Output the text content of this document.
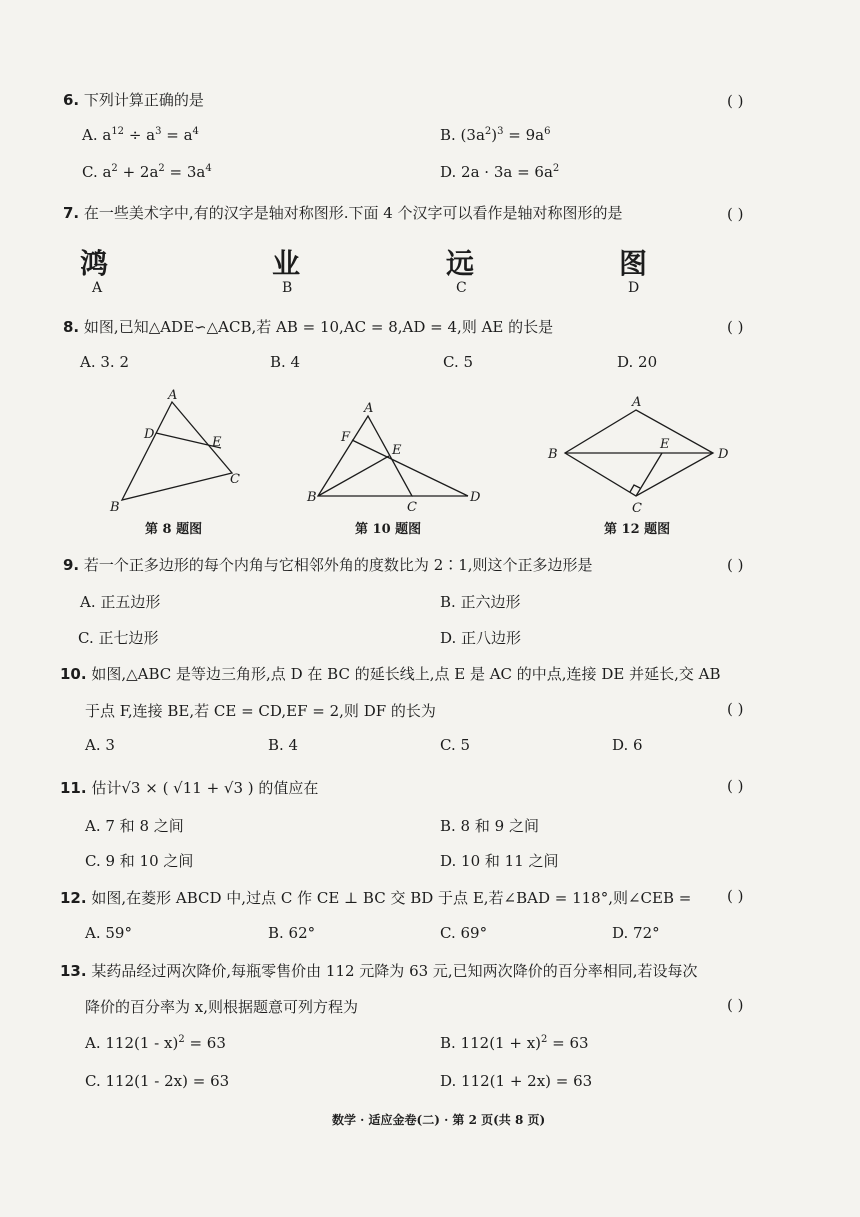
6. 下列计算正确的是	( )
A. $a^{12} \div a^3 = a^4$	B. $(3a^2)^3 = 9a^6$
C. $a^2 + 2a^2 = 3a^4$	D. $2a \cdot 3a = 6a^2$
7. 在一些美术字中,有的汉字是轴对称图形.下面 4 个汉字可以看作是轴对称图形的是	( )
鸿	业	远	图
A	B	C	D
8. 如图,已知△ADE∽△ACB,若 AB = 10,AC = 8,AD = 4,则 AE 的长是	( )
A. 3. 2	B. 4	C. 5	D. 20
A
D
E
B
C
A
F
E
B
C
D
A
B
E
D
C
第 8 题图	第 10 题图	第 12 题图
9. 若一个正多边形的每个内角与它相邻外角的度数比为 2∶1,则这个正多边形是	( )
A. 正五边形	B. 正六边形
C. 正七边形	D. 正八边形
10. 如图,△ABC 是等边三角形,点 D 在 BC 的延长线上,点 E 是 AC 的中点,连接 DE 并延长,交 AB
于点 F,连接 BE,若 CE = CD,EF = 2,则 DF 的长为	( )
A. 3	B. 4	C. 5	D. 6
11. 估计√3 × ( √11 + √3 ) 的值应在	( )
A. 7 和 8 之间	B. 8 和 9 之间
C. 9 和 10 之间	D. 10 和 11 之间
12. 如图,在菱形 ABCD 中,过点 C 作 CE ⊥ BC 交 BD 于点 E,若∠BAD = 118°,则∠CEB = ( )
A. 59°	B. 62°	C. 69°	D. 72°
13. 某药品经过两次降价,每瓶零售价由 112 元降为 63 元,已知两次降价的百分率相同,若设每次
降价的百分率为 x,则根据题意可列方程为	( )
A. 112(1 - x)$^2$ = 63	B. $112(1 + x)^2 = 63$
C. 112(1 - 2x) = 63	D. 112(1 + 2x) = 63
数学 · 适应金卷(二) · 第 2 页(共 8 页)
